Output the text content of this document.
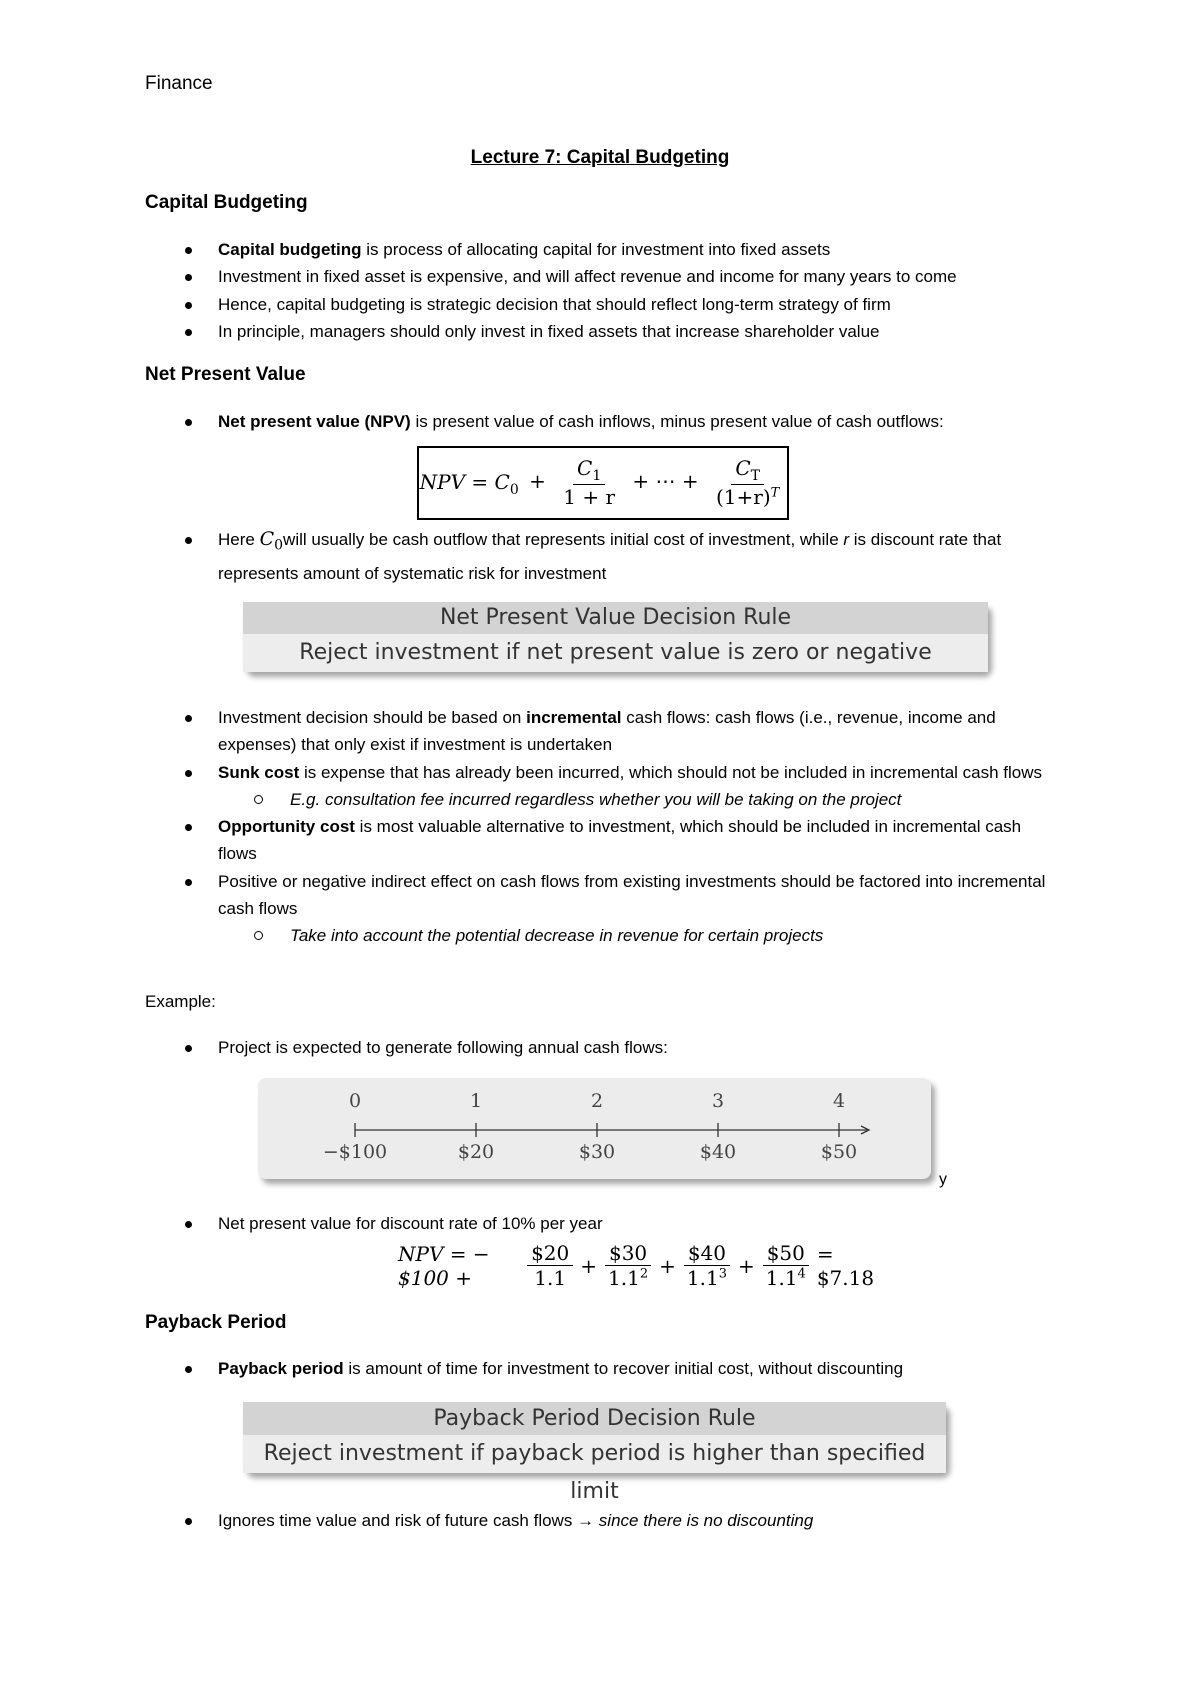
Finance
Lecture 7: Capital Budgeting
Capital Budgeting
Capital budgeting is process of allocating capital for investment into fixed assets
Investment in fixed asset is expensive, and will affect revenue and income for many years to come
Hence, capital budgeting is strategic decision that should reflect long-term strategy of firm
In principle, managers should only invest in fixed assets that increase shareholder value
Net Present Value
Net present value (NPV) is present value of cash inflows, minus present value of cash outflows:
NPV = $C_0 + \frac{C_1}{1 + r}$ + ⋯ + $\frac{C_T}{(1+r)^T}$
Here $C_0will$ usually be cash outflow that represents initial cost of investment, while r is discount rate that represents amount of systematic risk for investment
Net Present Value Decision Rule
Reject investment if net present value is zero or negative
Investment decision should be based on incremental cash flows: cash flows (i.e., revenue, income and expenses) that only exist if investment is undertaken
Sunk cost is expense that has already been incurred, which should not be included in incremental cash flows
E.g. consultation fee incurred regardless whether you will be taking on the project
Opportunity cost is most valuable alternative to investment, which should be included in incremental cash flows
Positive or negative indirect effect on cash flows from existing investments should be factored into incremental cash flows
Take into account the potential decrease in revenue for certain projects
Example:
Project is expected to generate following annual cash flows:
0
−$100
1
$20
2
$30
3
$40
4
$50
y
Net present value for discount rate of 10% per year
NPV = −$100 +	$\frac{\$20}{1.1} + \frac{\$30}{1.1^2} + \frac{\$40}{1.1^3} + \frac{\$50}{1.1^4}$ = $7.18
Payback Period
Payback period is amount of time for investment to recover initial cost, without discounting
Payback Period Decision Rule
Reject investment if payback period is higher than specified limit
Ignores time value and risk of future cash flows → since there is no discounting
